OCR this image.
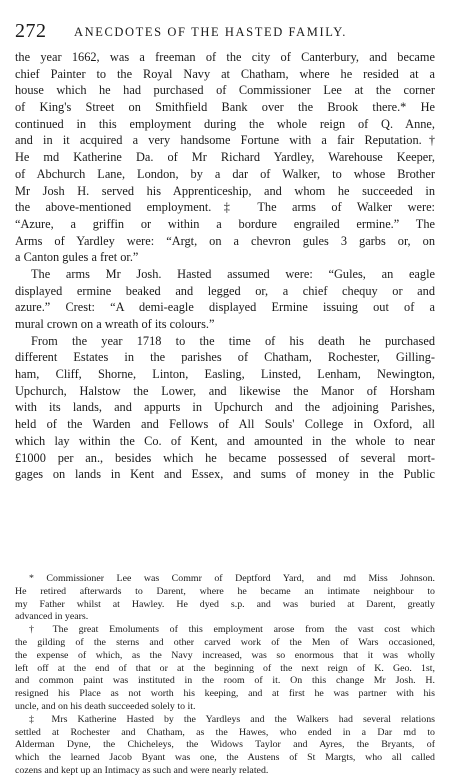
272 ANECDOTES OF THE HASTED FAMILY.
the year 1662, was a freeman of the city of Canterbury, and became
chief Painter to the Royal Navy at Chatham, where he resided at a
house which he had purchased of Commissioner Lee at the corner
of King's Street on Smithfield Bank over the Brook there.* He
continued in this employment during the whole reign of Q. Anne,
and in it acquired a very handsome Fortune with a fair Reputation.†
He md Katherine Da. of Mr Richard Yardley, Warehouse Keeper,
of Abchurch Lane, London, by a dar of Walker, to whose Brother
Mr Josh H. served his Apprenticeship, and whom he succeeded in
the above-mentioned employment.‡ The arms of Walker were:
“Azure, a griffin or within a bordure engrailed ermine.” The
Arms of Yardley were: “Argt, on a chevron gules 3 garbs or, on
a Canton gules a fret or.”
The arms Mr Josh. Hasted assumed were: “Gules, an eagle
displayed ermine beaked and legged or, a chief chequy or and
azure.” Crest: “A demi-eagle displayed Ermine issuing out of a
mural crown on a wreath of its colours.”
From the year 1718 to the time of his death he purchased
different Estates in the parishes of Chatham, Rochester, Gilling-
ham, Cliff, Shorne, Linton, Easling, Linsted, Lenham, Newington,
Upchurch, Halstow the Lower, and likewise the Manor of Horsham
with its lands, and appurts in Upchurch and the adjoining Parishes,
held of the Warden and Fellows of All Souls' College in Oxford, all
which lay within the Co. of Kent, and amounted in the whole to near
£1000 per an., besides which he became possessed of several mort-
gages on lands in Kent and Essex, and sums of money in the Public
* Commissioner Lee was Commr of Deptford Yard, and md Miss Johnson.
He retired afterwards to Darent, where he became an intimate neighbour to
my Father whilst at Hawley. He dyed s.p. and was buried at Darent, greatly
advanced in years.
† The great Emoluments of this employment arose from the vast cost which
the gilding of the sterns and other carved work of the Men of Wars occasioned,
the expense of which, as the Navy increased, was so enormous that it was wholly
left off at the end of that or at the beginning of the next reign of K. Geo. 1st,
and common paint was instituted in the room of it. On this change Mr Josh. H.
resigned his Place as not worth his keeping, and at first he was partner with his
uncle, and on his death succeeded solely to it.
‡ Mrs Katherine Hasted by the Yardleys and the Walkers had several relations
settled at Rochester and Chatham, as the Hawes, who ended in a Dar md to
Alderman Dyne, the Chicheleys, the Widows Taylor and Ayres, the Bryants, of
which the learned Jacob Byant was one, the Austens of St Margts, who all called
cozens and kept up an Intimacy as such and were nearly related.
